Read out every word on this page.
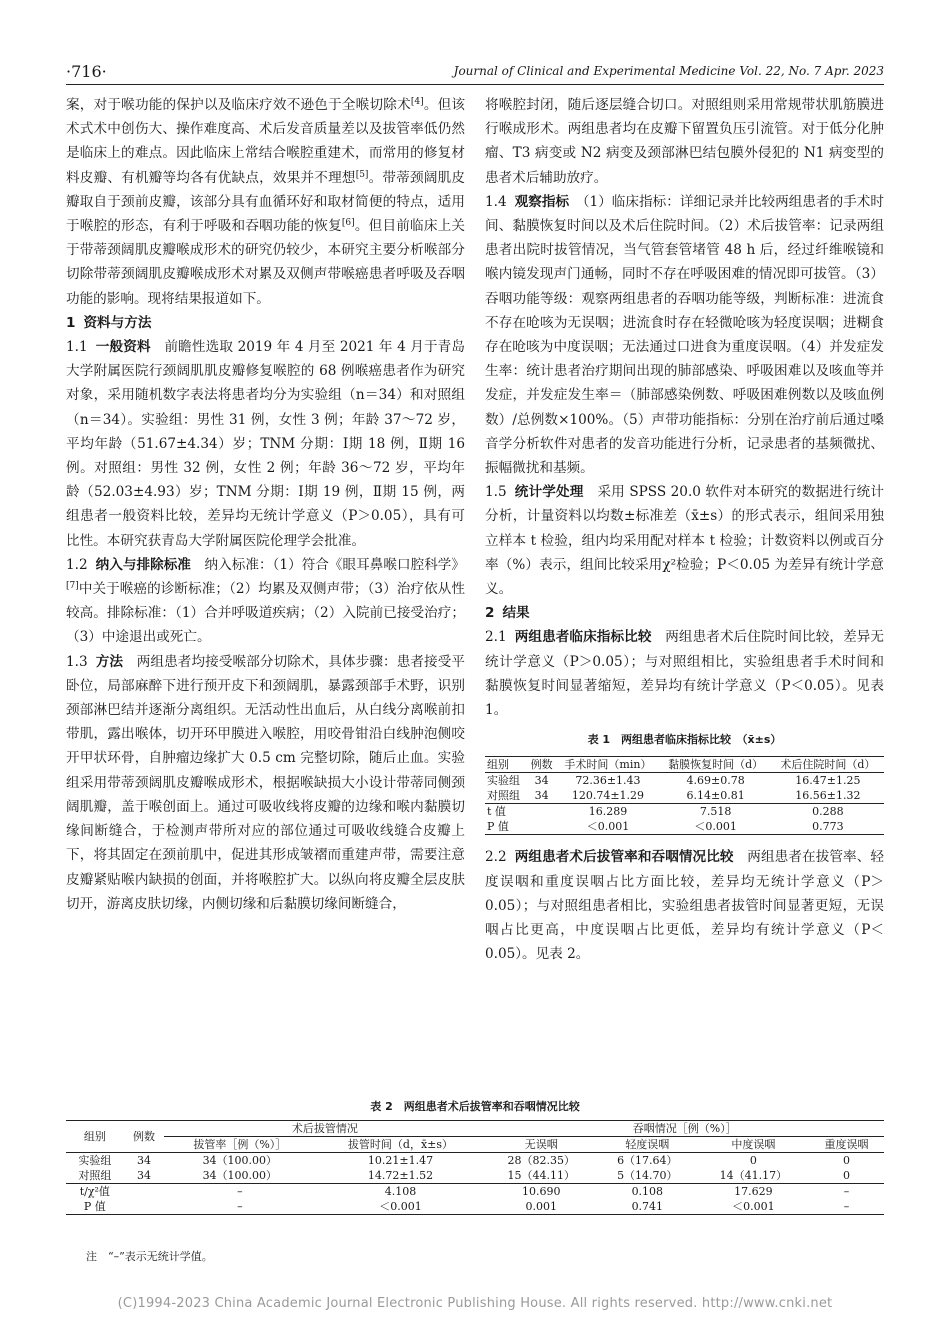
·716·	Journal of Clinical and Experimental Medicine Vol. 22, No. 7 Apr. 2023

案，对于喉功能的保护以及临床疗效不逊色于全喉切除术[4]。但该术式术中创伤大、操作难度高、术后发音质量差以及拔管率低仍然是临床上的难点。因此临床上常结合喉腔重建术，而常用的修复材料皮瓣、有机瓣等均各有优缺点，效果并不理想[5]。带蒂颈阔肌皮瓣取自于颈前皮瓣，该部分具有血循环好和取材简便的特点，适用于喉腔的形态，有利于呼吸和吞咽功能的恢复[6]。但目前临床上关于带蒂颈阔肌皮瓣喉成形术的研究仍较少，本研究主要分析喉部分切除带蒂颈阔肌皮瓣喉成形术对累及双侧声带喉癌患者呼吸及吞咽功能的影响。现将结果报道如下。

1 资料与方法

1.1 一般资料　 前瞻性选取 2019 年 4 月至 2021 年 4 月于青岛大学附属医院行颈阔肌肌皮瓣修复喉腔的 68 例喉癌患者作为研究对象，采用随机数字表法将患者均分为实验组（n＝34）和对照组（n＝34）。实验组：男性 31 例，女性 3 例；年龄 37～72 岁，平均年龄（51.67±4.34）岁；TNM 分期：Ⅰ期 18 例，Ⅱ期 16 例。对照组：男性 32 例，女性 2 例；年龄 36～72 岁，平均年龄（52.03±4.93）岁；TNM 分期：Ⅰ期 19 例，Ⅱ期 15 例，两组患者一般资料比较，差异均无统计学意义（P＞0.05），具有可比性。本研究获青岛大学附属医院伦理学会批准。

1.2 纳入与排除标准　 纳入标准：（1）符合《眼耳鼻喉口腔科学》[7]中关于喉癌的诊断标准；（2）均累及双侧声带；（3）治疗依从性较高。排除标准：（1）合并呼吸道疾病；（2）入院前已接受治疗；（3）中途退出或死亡。

1.3 方法　 两组患者均接受喉部分切除术，具体步骤：患者接受平卧位，局部麻醉下进行预开皮下和颈阔肌，暴露颈部手术野，识别颈部淋巴结并逐渐分离组织。无活动性出血后，从白线分离喉前扣带肌，露出喉体，切开环甲膜进入喉腔，用咬骨钳沿白线肿泡侧咬开甲状环骨，自肿瘤边缘扩大 0.5 cm 完整切除，随后止血。实验组采用带蒂颈阔肌皮瓣喉成形术，根据喉缺损大小设计带蒂同侧颈阔肌瓣，盖于喉创面上。通过可吸收线将皮瓣的边缘和喉内黏膜切缘间断缝合，于检测声带所对应的部位通过可吸收线缝合皮瓣上下，将其固定在颈前肌中，促进其形成皱褶而重建声带，需要注意皮瓣紧贴喉内缺损的创面，并将喉腔扩大。以纵向将皮瓣全层皮肤切开，游离皮肤切缘，内侧切缘和后黏膜切缘间断缝合，

将喉腔封闭，随后逐层缝合切口。对照组则采用常规带状肌筋膜进行喉成形术。两组患者均在皮瓣下留置负压引流管。对于低分化肿瘤、T3 病变或 N2 病变及颈部淋巴结包膜外侵犯的 N1 病变型的患者术后辅助放疗。

1.4 观察指标　 （1）临床指标：详细记录并比较两组患者的手术时间、黏膜恢复时间以及术后住院时间。（2）术后拔管率：记录两组患者出院时拔管情况，当气管套管堵管 48 h 后，经过纤维喉镜和喉内镜发现声门通畅，同时不存在呼吸困难的情况即可拔管。（3）吞咽功能等级：观察两组患者的吞咽功能等级，判断标准：进流食不存在呛咳为无误咽；进流食时存在轻微呛咳为轻度误咽；进糊食存在呛咳为中度误咽；无法通过口进食为重度误咽。（4）并发症发生率：统计患者治疗期间出现的肺部感染、呼吸困难以及咳血等并发症，并发症发生率＝（肺部感染例数、呼吸困难例数以及咳血例数）/总例数×100%。（5）声带功能指标：分别在治疗前后通过嗓音学分析软件对患者的发音功能进行分析，记录患者的基频微扰、振幅微扰和基频。

1.5 统计学处理　 采用 SPSS 20.0 软件对本研究的数据进行统计分析，计量资料以均数±标准差（x̄±s）的形式表示，组间采用独立样本 t 检验，组内均采用配对样本 t 检验；计数资料以例或百分率（%）表示，组间比较采用χ²检验；P＜0.05 为差异有统计学意义。

2 结果

2.1 两组患者临床指标比较　 两组患者术后住院时间比较，差异无统计学意义（P＞0.05）；与对照组相比，实验组患者手术时间和黏膜恢复时间显著缩短，差异均有统计学意义（P＜0.05）。见表 1。

表 1　两组患者临床指标比较　（x̄±s）
组别	例数	手术时间（min）	黏膜恢复时间（d）	术后住院时间（d）
实验组	34	72.36±1.43	4.69±0.78	16.47±1.25
对照组	34	120.74±1.29	6.14±0.81	16.56±1.32
t 值		16.289	7.518	0.288
P 值		＜0.001	＜0.001	0.773

2.2 两组患者术后拔管率和吞咽情况比较　 两组患者在拔管率、轻度误咽和重度误咽占比方面比较，差异均无统计学意义（P＞0.05）；与对照组患者相比，实验组患者拔管时间显著更短，无误咽占比更高，中度误咽占比更低，差异均有统计学意义（P＜0.05）。见表 2。

表 2　两组患者术后拔管率和吞咽情况比较
组别	例数	术后拔管情况		吞咽情况［例（%）］			
		拔管率［例（%）］	拔管时间（d，x̄±s）	无误咽	轻度误咽	中度误咽	重度误咽
实验组	34	34（100.00）	10.21±1.47	28（82.35）	6（17.64）	0	0
对照组	34	34（100.00）	14.72±1.52	15（44.11）	5（14.70）	14（41.17）	0
t/χ²值		–	4.108	10.690	0.108	17.629	–
P 值		–	＜0.001	0.001	0.741	＜0.001	–
注　“–”表示无统计学值。
(C)1994-2023 China Academic Journal Electronic Publishing House. All rights reserved. http://www.cnki.net
